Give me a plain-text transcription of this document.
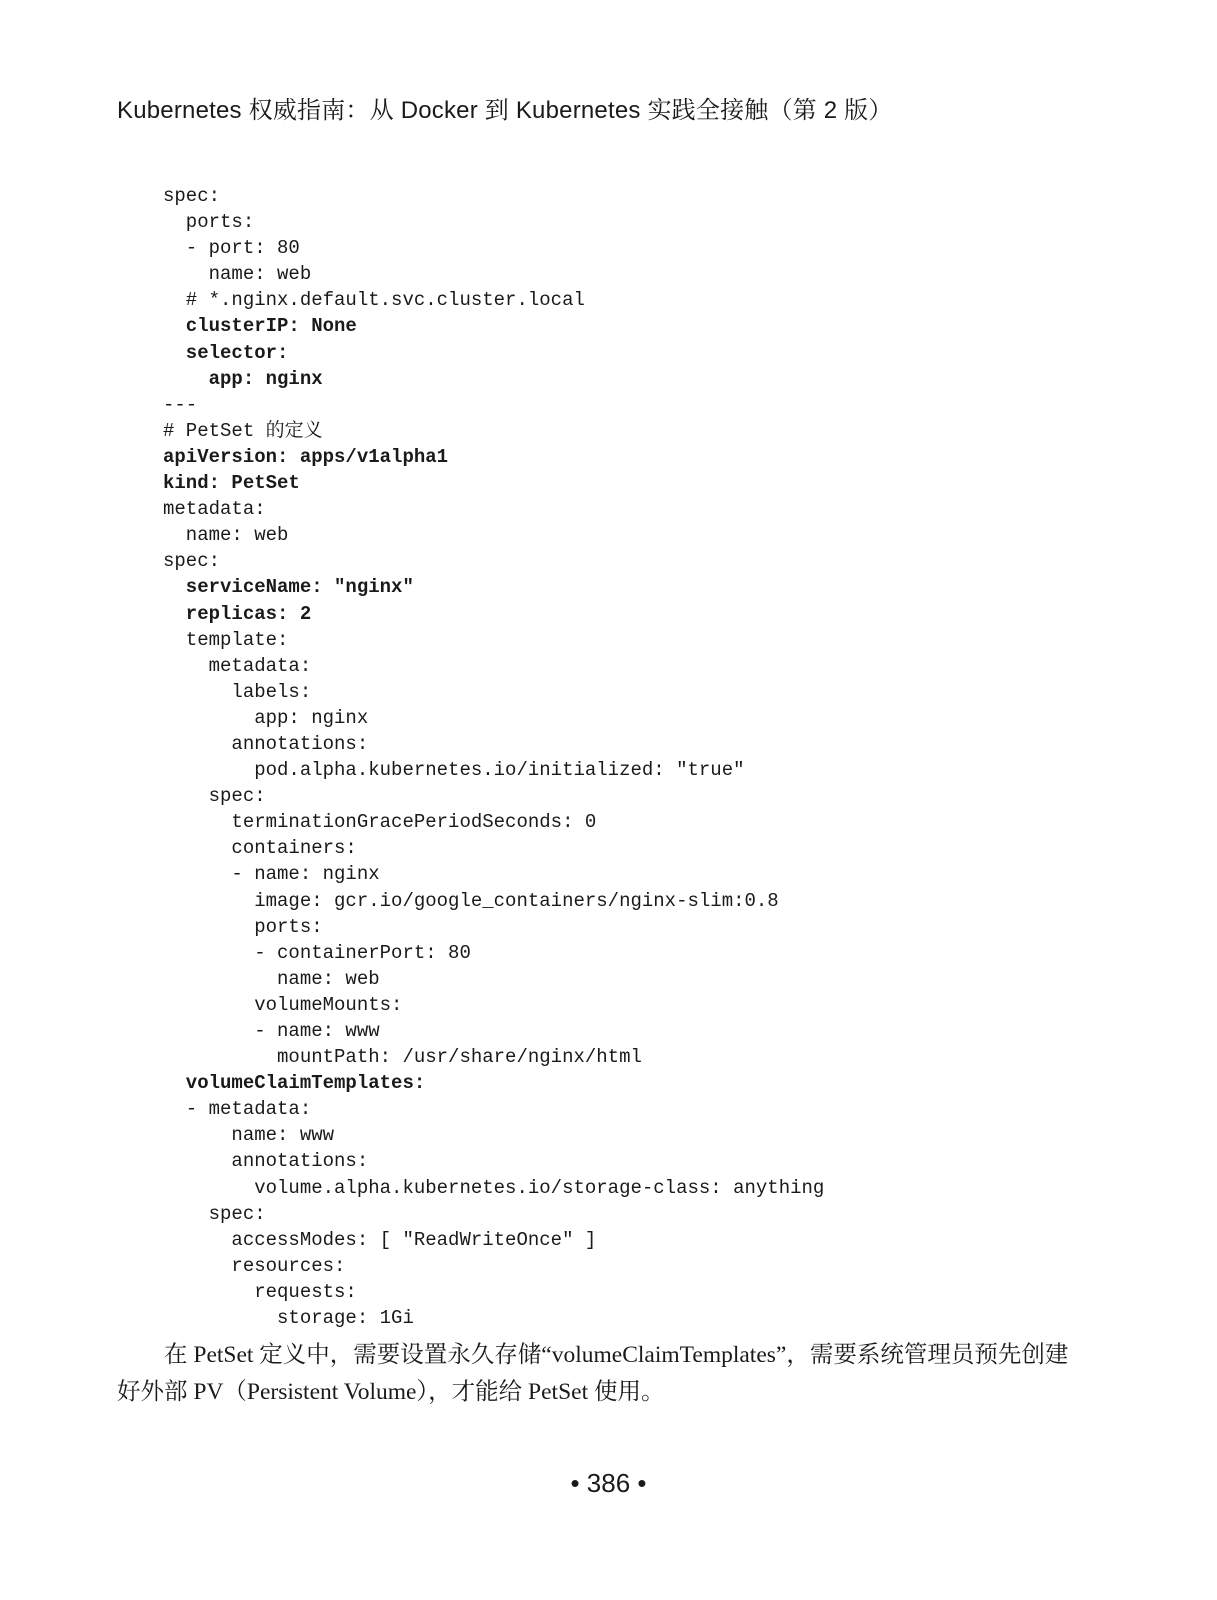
Kubernetes 权威指南：从 Docker 到 Kubernetes 实践全接触（第 2 版）
spec:
ports:
- port: 80
name: web
# *.nginx.default.svc.cluster.local
clusterIP: None
selector:
app: nginx
---
# PetSet 的定义
apiVersion: apps/v1alpha1
kind: PetSet
metadata:
name: web
spec:
serviceName: "nginx"
replicas: 2
template:
metadata:
labels:
app: nginx
annotations:
pod.alpha.kubernetes.io/initialized: "true"
spec:
terminationGracePeriodSeconds: 0
containers:
- name: nginx
image: gcr.io/google_containers/nginx-slim:0.8
ports:
- containerPort: 80
name: web
volumeMounts:
- name: www
mountPath: /usr/share/nginx/html
volumeClaimTemplates:
- metadata:
name: www
annotations:
volume.alpha.kubernetes.io/storage-class: anything
spec:
accessModes: [ "ReadWriteOnce" ]
resources:
requests:
storage: 1Gi

在 PetSet 定义中，需要设置永久存储“volumeClaimTemplates”，需要系统管理员预先创建好外部 PV（Persistent Volume），才能给 PetSet 使用。

• 386 •
